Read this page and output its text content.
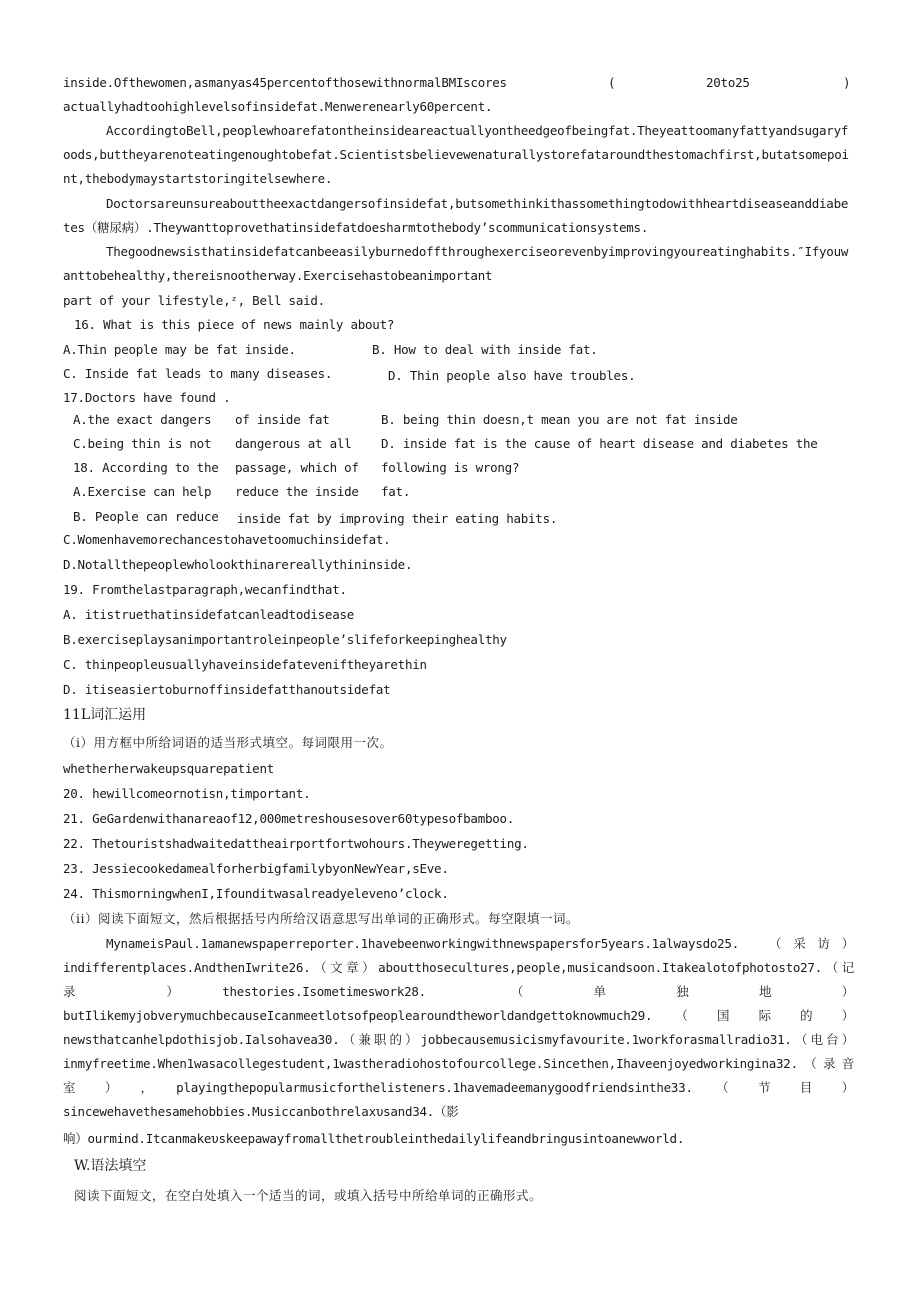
inside.Ofthewomen,asmanyas45percentofthosewithnormalBMIscores	(	20to25	)
actuallyhadtoohighlevelsofinsidefat.Menwerenearly60percent.
AccordingtoBell,peoplewhoarefatontheinsideareactuallyontheedgeofbeingfat.Theyeattoomanyfattyandsugaryf
oods,buttheyarenoteatingenoughtobefat.Scientistsbelievewenaturallystorefataroundthestomachfirst,butatsomepoi
nt,thebodymaystartstoringitelsewhere.
Doctorsareunsureabouttheexactdangersofinsidefat,butsomethinkithassomethingtodowithheartdiseaseanddiabe
tes（糖尿病）.Theywanttoprovethatinsidefatdoesharmtothebody’scommunicationsystems.
Thegoodnewsisthatinsidefatcanbeeasilyburnedoffthroughexerciseorevenbyimprovingyoureatinghabits.″Ifyouw
anttobehealthy,thereisnootherway.Exercisehastobeanimportant
part of your lifestyle,ᶻ, Bell said.
16. What is this piece of news mainly about?
A.Thin people may be fat inside.	B. How to deal with inside fat.
C. Inside fat leads to many diseases.	D. Thin people also have troubles.
17.Doctors have found .
A.the exact dangers of inside fat	B. being thin doesn,t mean you are not fat inside
C.being thin is not dangerous at all D. inside fat is the cause of heart disease and diabetes the
18. According to the passage, which of following is wrong?
A.Exercise can help reduce the inside fat.
B. People can reduce inside fat by improving their eating habits.
C.Womenhavemorechancestohavetoomuchinsidefat.
D.Notallthepeoplewholookthinarereallythininside.
19. Fromthelastparagraph,wecanfindthat.
A. itistruethatinsidefatcanleadtodisease
B.exerciseplaysanimportantroleinpeople’slifeforkeepinghealthy
C. thinpeopleusuallyhaveinsidefateveniftheyarethin
D. itiseasiertoburnoffinsidefatthanoutsidefat
11L词汇运用
（i）用方框中所给词语的适当形式填空。每词限用一次。
whetherherwakeupsquarepatient
20. hewillcomeornotisn,timportant.
21. GeGardenwithanareaof12,000metreshousesover60typesofbamboo.
22. Thetouristshadwaitedattheairportfortwohours.Theyweregetting.
23. JessiecookedamealforherbigfamilybyonNewYear,sEve.
24. ThismorningwhenI,Ifounditwasalreadyeleveno’clock.
（ii）阅读下面短文，然后根据括号内所给汉语意思写出单词的正确形式。每空限填一词。
MynameisPaul.1amanewspaperreporter.1havebeenworkingwithnewspapersfor5years.1alwaysdo25.　（采访）
indifferentplaces.AndthenIwrite26.（文章）aboutthosecultures,people,musicandsoon.Itakealotofphotosto27.（记
录　　　　）　　thestories.Isometimeswork28.　　　　（　　　单　　　独　　　地　　　）
butIlikemyjobverymuchbecauseIcanmeetlotsofpeoplearoundtheworldandgettoknowmuch29.　　（　　国　　际　　的　　）
newsthatcanhelpdothisjob.Ialsohavea30.（兼职的）jobbecausemusicismyfavourite.1workforasmallradio31.（电台）
inmyfreetime.When1wasacollegestudent,1wastheradiohostofourcollege.Sincethen,Ihaveenjoyedworkingina32.（录音
室　　）　　，　　playingthepopularmusicforthelisteners.1havemadeemanygoodfriendsinthe33.　　（　　节　　目　　）
sincewehavethesamehobbies.Musiccanbothrelaxυsand34.（影
响）ourmind.Itcanmakeυskeepawayfromallthetroubleinthedailylifeandbringusintoanewworld.
W.语法填空
阅读下面短文，在空白处填入一个适当的词，或填入括号中所给单词的正确形式。
